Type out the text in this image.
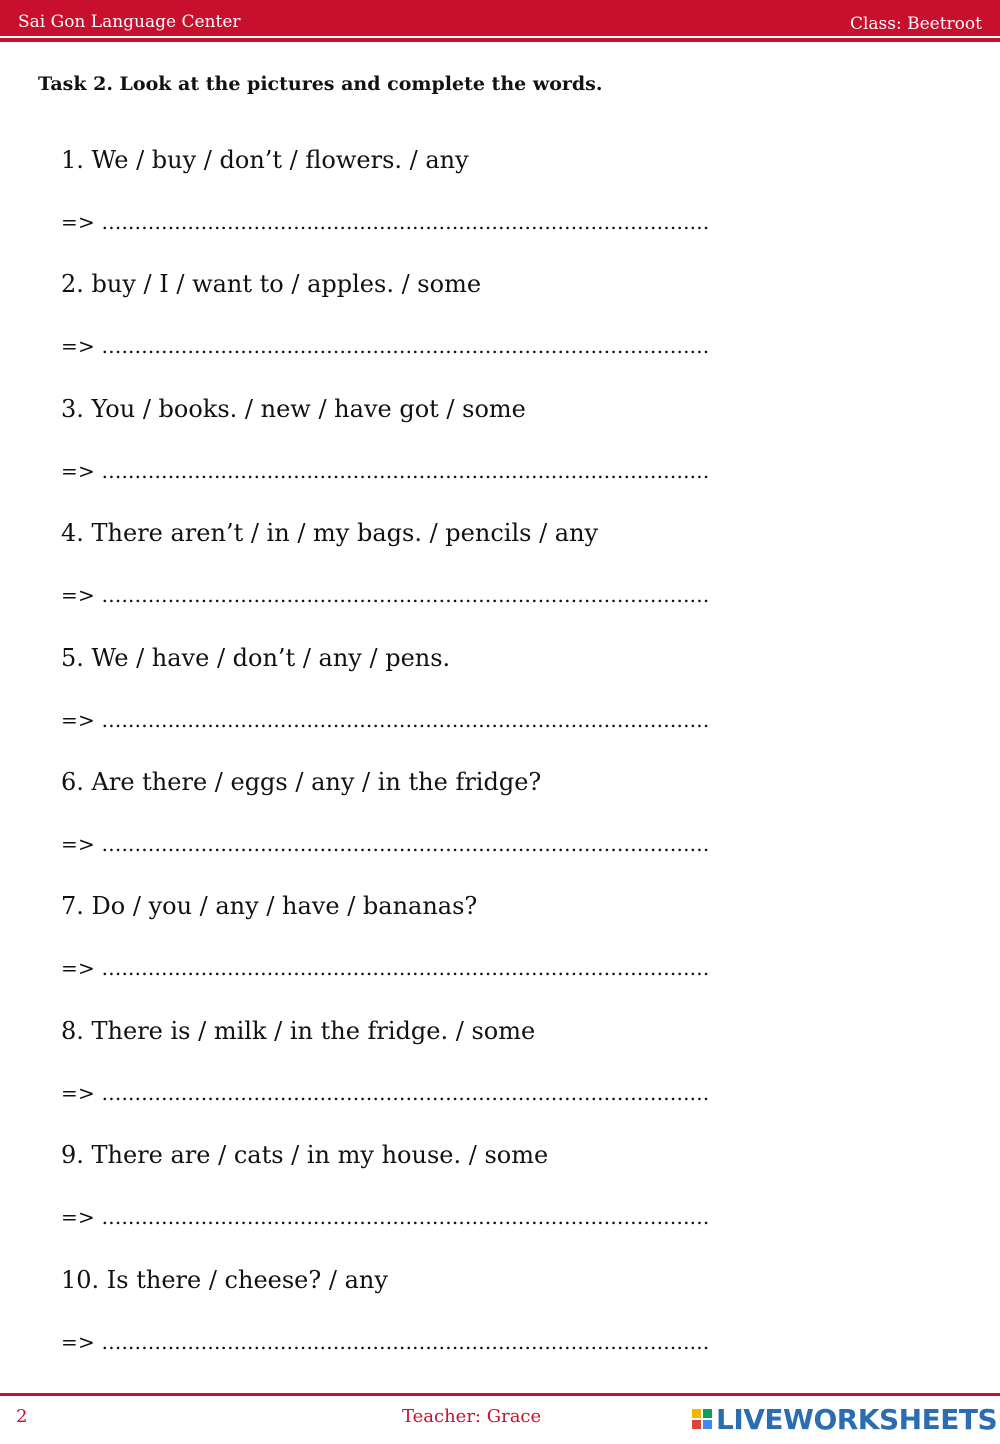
Sai Gon Language Center	Class: Beetroot
Task 2. Look at the pictures and complete the words.
1. We / buy / don’t / flowers. / any
=> ............................................................................................
2. buy / I / want to / apples. / some
=> ............................................................................................
3. You / books. / new / have got / some
=> ............................................................................................
4. There aren’t / in / my bags. / pencils / any
=> ............................................................................................
5. We / have / don’t / any / pens.
=> ............................................................................................
6. Are there / eggs / any / in the fridge?
=> ............................................................................................
7. Do / you / any / have / bananas?
=> ............................................................................................
8. There is / milk / in the fridge. / some
=> ............................................................................................
9. There are / cats / in my house. / some
=> ............................................................................................
10. Is there / cheese? / any
=> ............................................................................................
2	Teacher: Grace	LIVEWORKSHEETS
